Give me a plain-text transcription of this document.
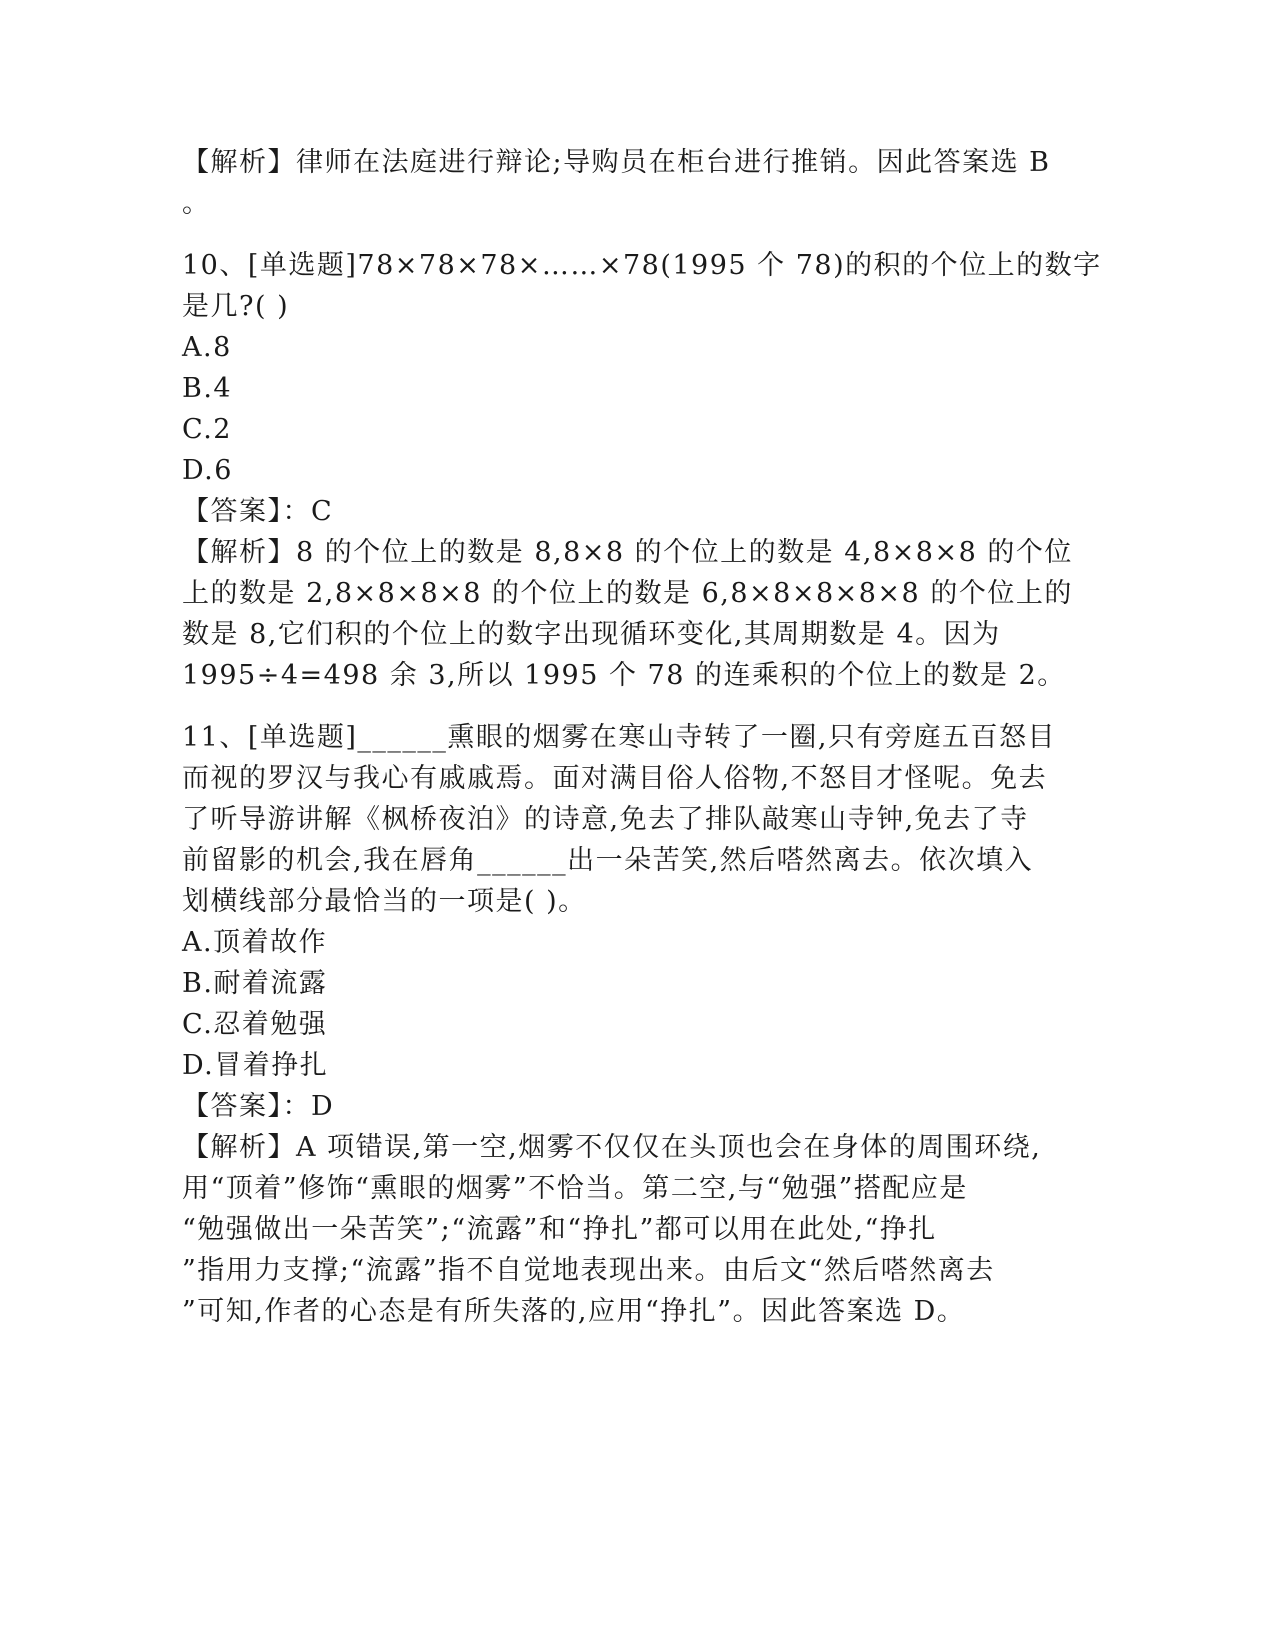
【解析】律师在法庭进行辩论;导购员在柜台进行推销。因此答案选 B
。
10、[单选题]78×78×78×……×78(1995 个 78)的积的个位上的数字
是几?( )
A.8
B.4
C.2
D.6
【答案】：C
【解析】8 的个位上的数是 8,8×8 的个位上的数是 4,8×8×8 的个位
上的数是 2,8×8×8×8 的个位上的数是 6,8×8×8×8×8 的个位上的
数是 8,它们积的个位上的数字出现循环变化,其周期数是 4。因为
1995÷4=498 余 3,所以 1995 个 78 的连乘积的个位上的数是 2。
11、[单选题]______熏眼的烟雾在寒山寺转了一圈,只有旁庭五百怒目
而视的罗汉与我心有戚戚焉。面对满目俗人俗物,不怒目才怪呢。免去
了听导游讲解《枫桥夜泊》的诗意,免去了排队敲寒山寺钟,免去了寺
前留影的机会,我在唇角______出一朵苦笑,然后嗒然离去。依次填入
划横线部分最恰当的一项是( )。
A.顶着故作
B.耐着流露
C.忍着勉强
D.冒着挣扎
【答案】：D
【解析】A 项错误,第一空,烟雾不仅仅在头顶也会在身体的周围环绕,
用“顶着”修饰“熏眼的烟雾”不恰当。第二空,与“勉强”搭配应是
“勉强做出一朵苦笑”;“流露”和“挣扎”都可以用在此处,“挣扎
”指用力支撑;“流露”指不自觉地表现出来。由后文“然后嗒然离去
”可知,作者的心态是有所失落的,应用“挣扎”。因此答案选 D。
